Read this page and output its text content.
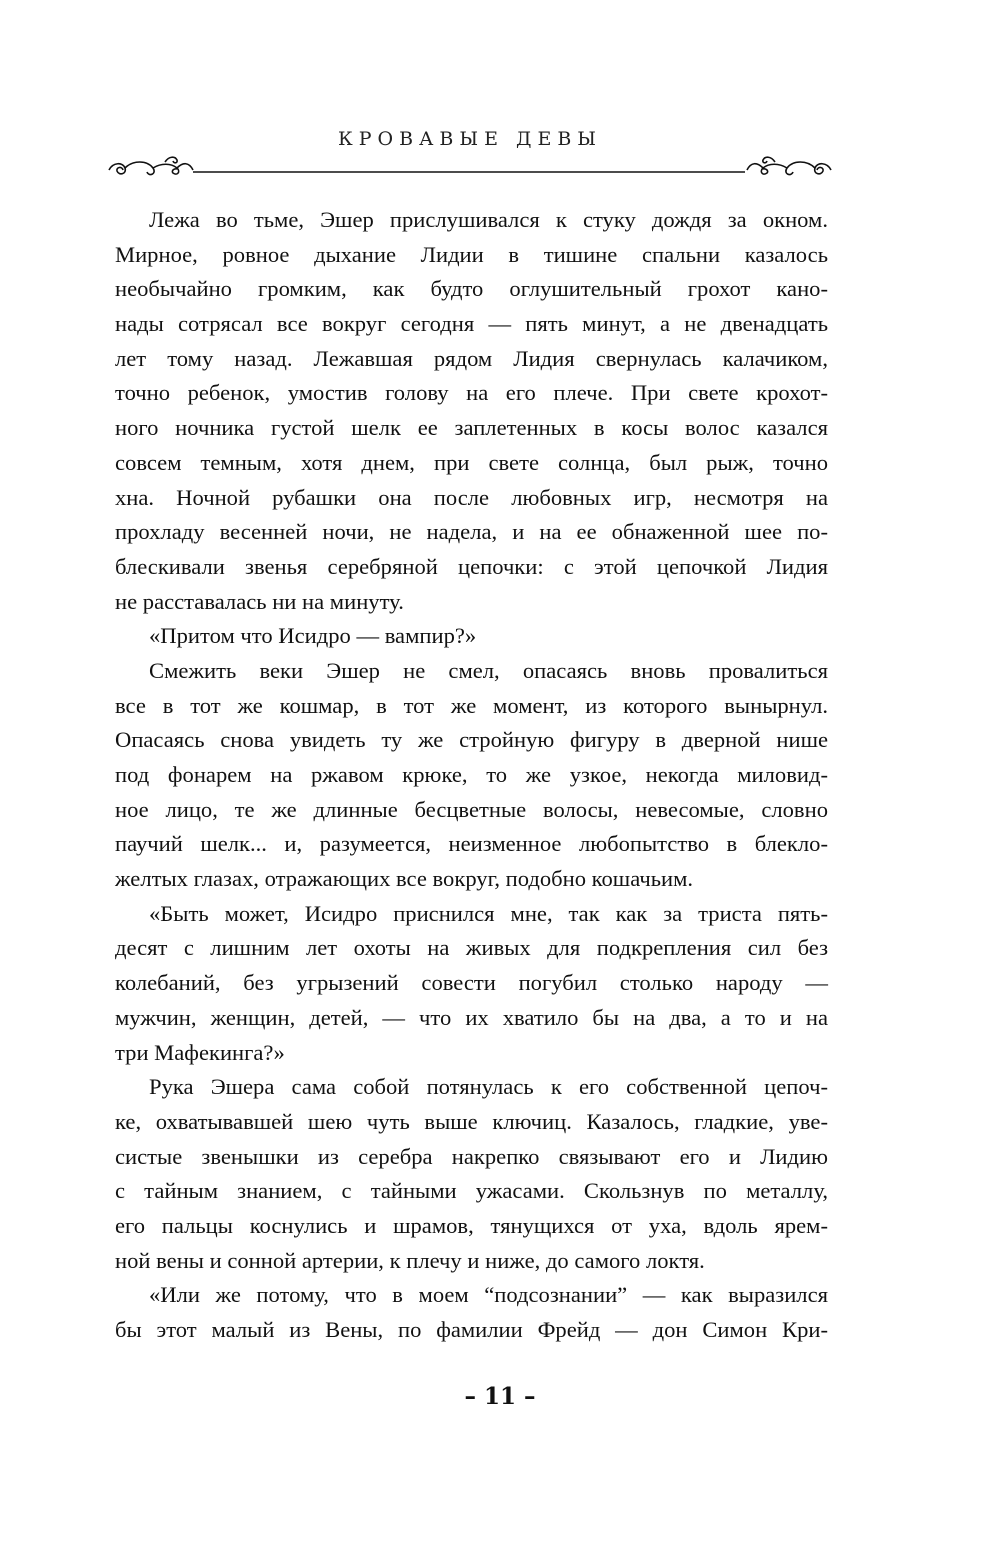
КРОВАВЫЕ ДЕВЫ
Лежа во тьме, Эшер прислушивался к стуку дождя за окном.
Мирное, ровное дыхание Лидии в тишине спальни казалось
необычайно громким, как будто оглушительный грохот кано-
нады сотрясал все вокруг сегодня — пять минут, а не двенадцать
лет тому назад. Лежавшая рядом Лидия свернулась калачиком,
точно ребенок, умостив голову на его плече. При свете крохот-
ного ночника густой шелк ее заплетенных в косы волос казался
совсем темным, хотя днем, при свете солнца, был рыж, точно
хна. Ночной рубашки она после любовных игр, несмотря на
прохладу весенней ночи, не надела, и на ее обнаженной шее по-
блескивали звенья серебряной цепочки: с этой цепочкой Лидия
не расставалась ни на минуту.
«Притом что Исидро — вампир?»
Смежить веки Эшер не смел, опасаясь вновь провалиться
все в тот же кошмар, в тот же момент, из которого вынырнул.
Опасаясь снова увидеть ту же стройную фигуру в дверной нише
под фонарем на ржавом крюке, то же узкое, некогда миловид-
ное лицо, те же длинные бесцветные волосы, невесомые, словно
паучий шелк... и, разумеется, неизменное любопытство в блекло-
желтых глазах, отражающих все вокруг, подобно кошачьим.
«Быть может, Исидро приснился мне, так как за триста пять-
десят с лишним лет охоты на живых для подкрепления сил без
колебаний, без угрызений совести погубил столько народу —
мужчин, женщин, детей, — что их хватило бы на два, а то и на
три Мафекинга?»
Рука Эшера сама собой потянулась к его собственной цепоч-
ке, охватывавшей шею чуть выше ключиц. Казалось, гладкие, уве-
систые звенышки из серебра накрепко связывают его и Лидию
с тайным знанием, с тайными ужасами. Скользнув по металлу,
его пальцы коснулись и шрамов, тянущихся от уха, вдоль ярем-
ной вены и сонной артерии, к плечу и ниже, до самого локтя.
«Или же потому, что в моем “подсознании” — как выразился
бы этот малый из Вены, по фамилии Фрейд — дон Симон Кри-
– 11 –
